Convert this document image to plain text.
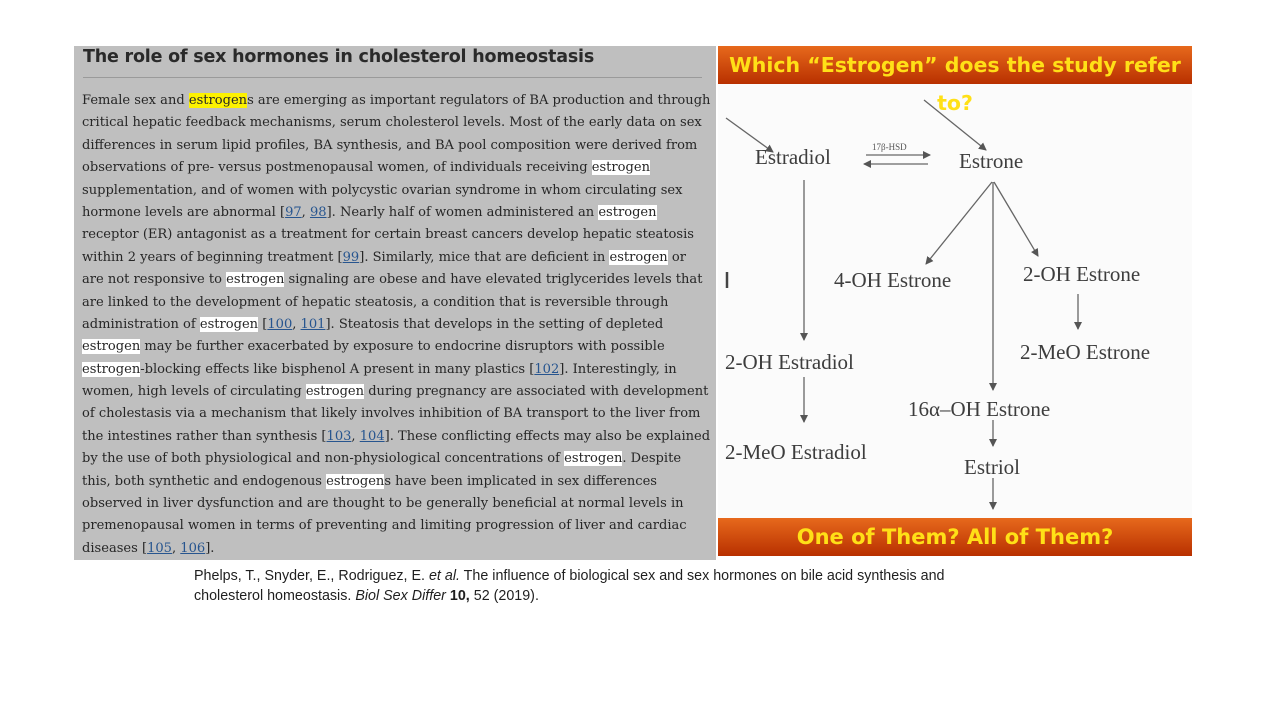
The role of sex hormones in cholesterol homeostasis
Female sex and estrogens are emerging as important regulators of BA production and through
critical hepatic feedback mechanisms, serum cholesterol levels. Most of the early data on sex
differences in serum lipid profiles, BA synthesis, and BA pool composition were derived from
observations of pre- versus postmenopausal women, of individuals receiving estrogen
supplementation, and of women with polycystic ovarian syndrome in whom circulating sex
hormone levels are abnormal [97, 98]. Nearly half of women administered an estrogen
receptor (ER) antagonist as a treatment for certain breast cancers develop hepatic steatosis
within 2 years of beginning treatment [99]. Similarly, mice that are deficient in estrogen or
are not responsive to estrogen signaling are obese and have elevated triglycerides levels that
are linked to the development of hepatic steatosis, a condition that is reversible through
administration of estrogen [100, 101]. Steatosis that develops in the setting of depleted
estrogen may be further exacerbated by exposure to endocrine disruptors with possible
estrogen-blocking effects like bisphenol A present in many plastics [102]. Interestingly, in
women, high levels of circulating estrogen during pregnancy are associated with development
of cholestasis via a mechanism that likely involves inhibition of BA transport to the liver from
the intestines rather than synthesis [103, 104]. These conflicting effects may also be explained
by the use of both physiological and non-physiological concentrations of estrogen. Despite
this, both synthetic and endogenous estrogens have been implicated in sex differences
observed in liver dysfunction and are thought to be generally beneficial at normal levels in
premenopausal women in terms of preventing and limiting progression of liver and cardiac
diseases [105, 106].
Which “Estrogen” does the study refer to?
17β-HSD
Estradiol	Estrone
4-OH Estrone	2-OH Estrone
2-OH Estradiol	2-MeO Estrone
16α–OH Estrone
2-MeO Estradiol
Estriol
One of Them? All of Them?
Phelps, T., Snyder, E., Rodriguez, E. et al. The influence of biological sex and sex hormones on bile acid synthesis and
cholesterol homeostasis. Biol Sex Differ 10, 52 (2019).
